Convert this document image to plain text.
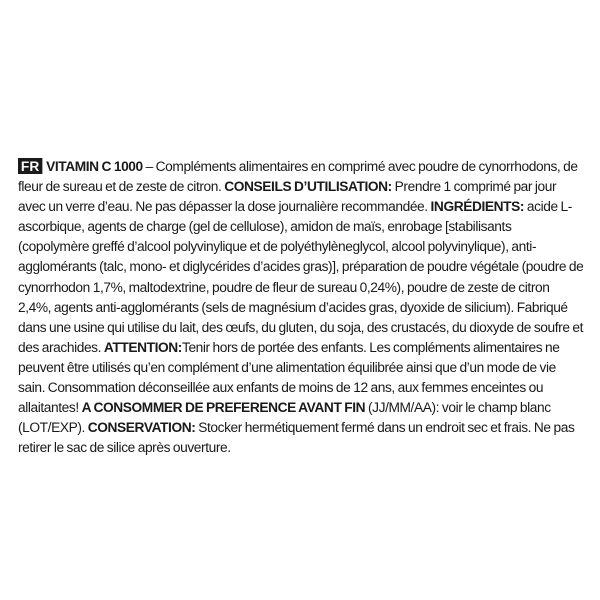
FR VITAMIN C 1000 – Compléments alimentaires en comprimé avec poudre de cynorrhodons, de fleur de sureau et de zeste de citron. CONSEILS D’UTILISATION: Prendre 1 comprimé par jour avec un verre d’eau. Ne pas dépasser la dose journalière recommandée. INGRÉDIENTS: acide L-ascorbique, agents de charge (gel de cellulose), amidon de maïs, enrobage [stabilisants (copolymère greffé d’alcool polyvinylique et de polyéthylèneglycol, alcool polyvinylique), anti-agglomérants (talc, mono- et diglycérides d’acides gras)], préparation de poudre végétale (poudre de cynorrhodon 1,7%, maltodextrine, poudre de fleur de sureau 0,24%), poudre de zeste de citron 2,4%, agents anti-agglomérants (sels de magnésium d’acides gras, dyoxide de silicium). Fabriqué dans une usine qui utilise du lait, des œufs, du gluten, du soja, des crustacés, du dioxyde de soufre et des arachides. ATTENTION:Tenir hors de portée des enfants. Les compléments alimentaires ne peuvent être utilisés qu’en complément d’une alimentation équilibrée ainsi que d’un mode de vie sain. Consommation déconseillée aux enfants de moins de 12 ans, aux femmes enceintes ou allaitantes! A CONSOMMER DE PREFERENCE AVANT FIN (JJ/MM/AA): voir le champ blanc (LOT/EXP). CONSERVATION: Stocker hermétiquement fermé dans un endroit sec et frais. Ne pas retirer le sac de silice après ouverture.
